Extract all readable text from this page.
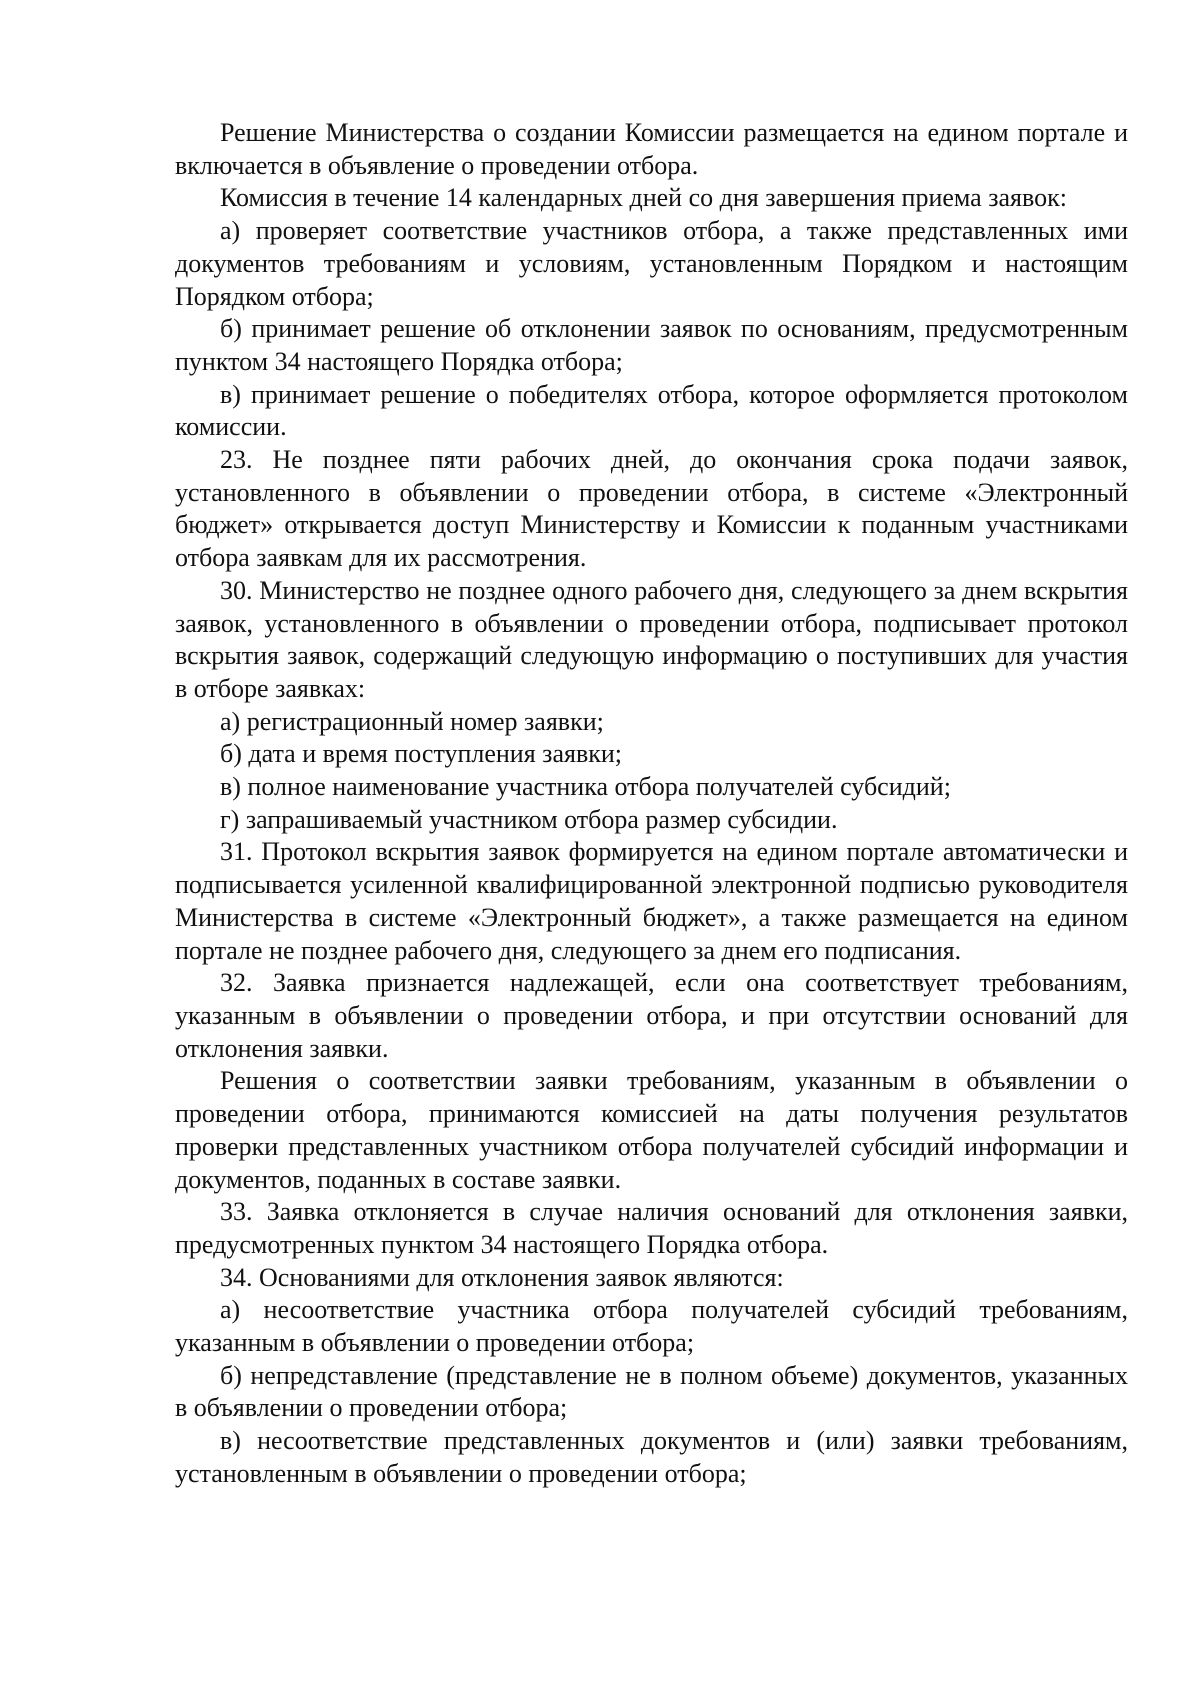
Решение Министерства о создании Комиссии размещается на едином портале и включается в объявление о проведении отбора.

Комиссия в течение 14 календарных дней со дня завершения приема заявок:

а) проверяет соответствие участников отбора, а также представленных ими документов требованиям и условиям, установленным Порядком и настоящим Порядком отбора;

б) принимает решение об отклонении заявок по основаниям, предусмотренным пунктом 34 настоящего Порядка отбора;

в) принимает решение о победителях отбора, которое оформляется протоколом комиссии.

23. Не позднее пяти рабочих дней, до окончания срока подачи заявок, установленного в объявлении о проведении отбора, в системе «Электронный бюджет» открывается доступ Министерству и Комиссии к поданным участниками отбора заявкам для их рассмотрения.

30. Министерство не позднее одного рабочего дня, следующего за днем вскрытия заявок, установленного в объявлении о проведении отбора, подписывает протокол вскрытия заявок, содержащий следующую информацию о поступивших для участия в отборе заявках:

а) регистрационный номер заявки;

б) дата и время поступления заявки;

в) полное наименование участника отбора получателей субсидий;

г) запрашиваемый участником отбора размер субсидии.

31. Протокол вскрытия заявок формируется на едином портале автоматически и подписывается усиленной квалифицированной электронной подписью руководителя Министерства в системе «Электронный бюджет», а также размещается на едином портале не позднее рабочего дня, следующего за днем его подписания.

32. Заявка признается надлежащей, если она соответствует требованиям, указанным в объявлении о проведении отбора, и при отсутствии оснований для отклонения заявки.

Решения о соответствии заявки требованиям, указанным в объявлении о проведении отбора, принимаются комиссией на даты получения результатов проверки представленных участником отбора получателей субсидий информации и документов, поданных в составе заявки.

33. Заявка отклоняется в случае наличия оснований для отклонения заявки, предусмотренных пунктом 34 настоящего Порядка отбора.

34. Основаниями для отклонения заявок являются:

а) несоответствие участника отбора получателей субсидий требованиям, указанным в объявлении о проведении отбора;

б) непредставление (представление не в полном объеме) документов, указанных в объявлении о проведении отбора;

в) несоответствие представленных документов и (или) заявки требованиям, установленным в объявлении о проведении отбора;
